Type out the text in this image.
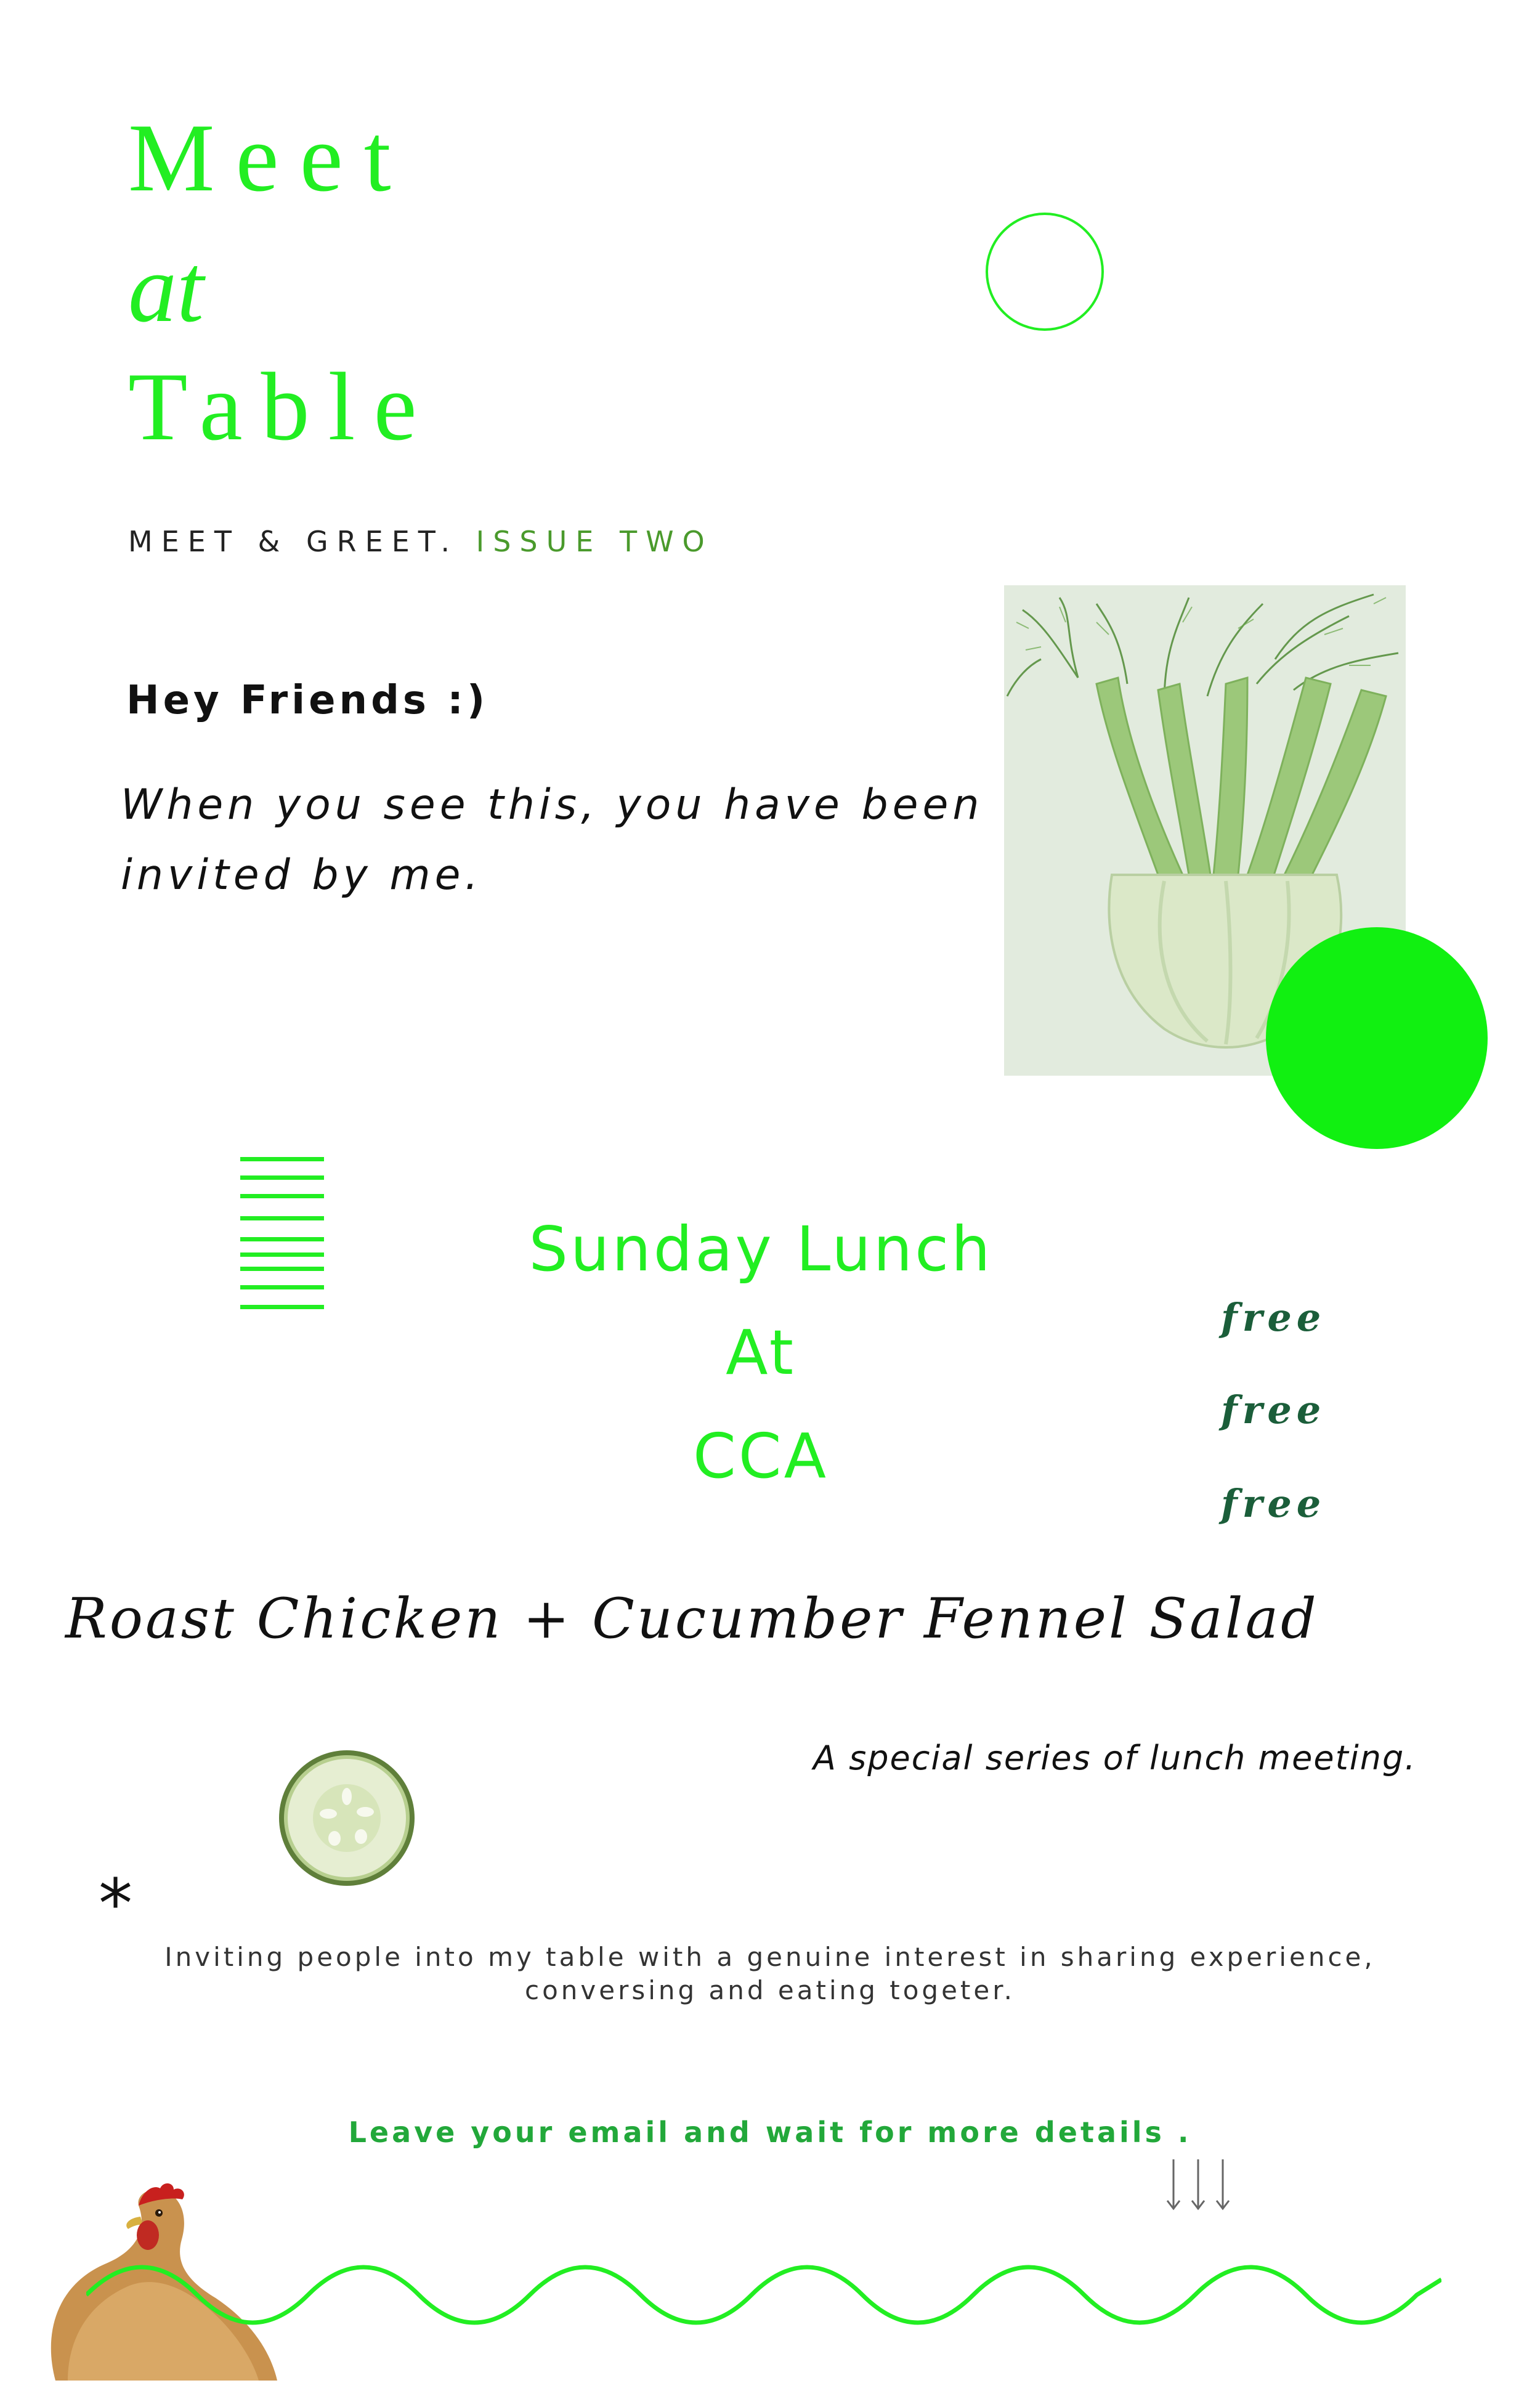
Meet
at
Table
MEET & GREET. ISSUE TWO
Hey Friends :)
When you see this, you have been
invited by me.
Sunday Lunch
At
CCA
free
free
free
Roast Chicken + Cucumber Fennel Salad
A special series of lunch meeting.
*
Inviting people into my table with a genuine interest in sharing experience,
conversing and eating togeter.
Leave your email and wait for more details .
